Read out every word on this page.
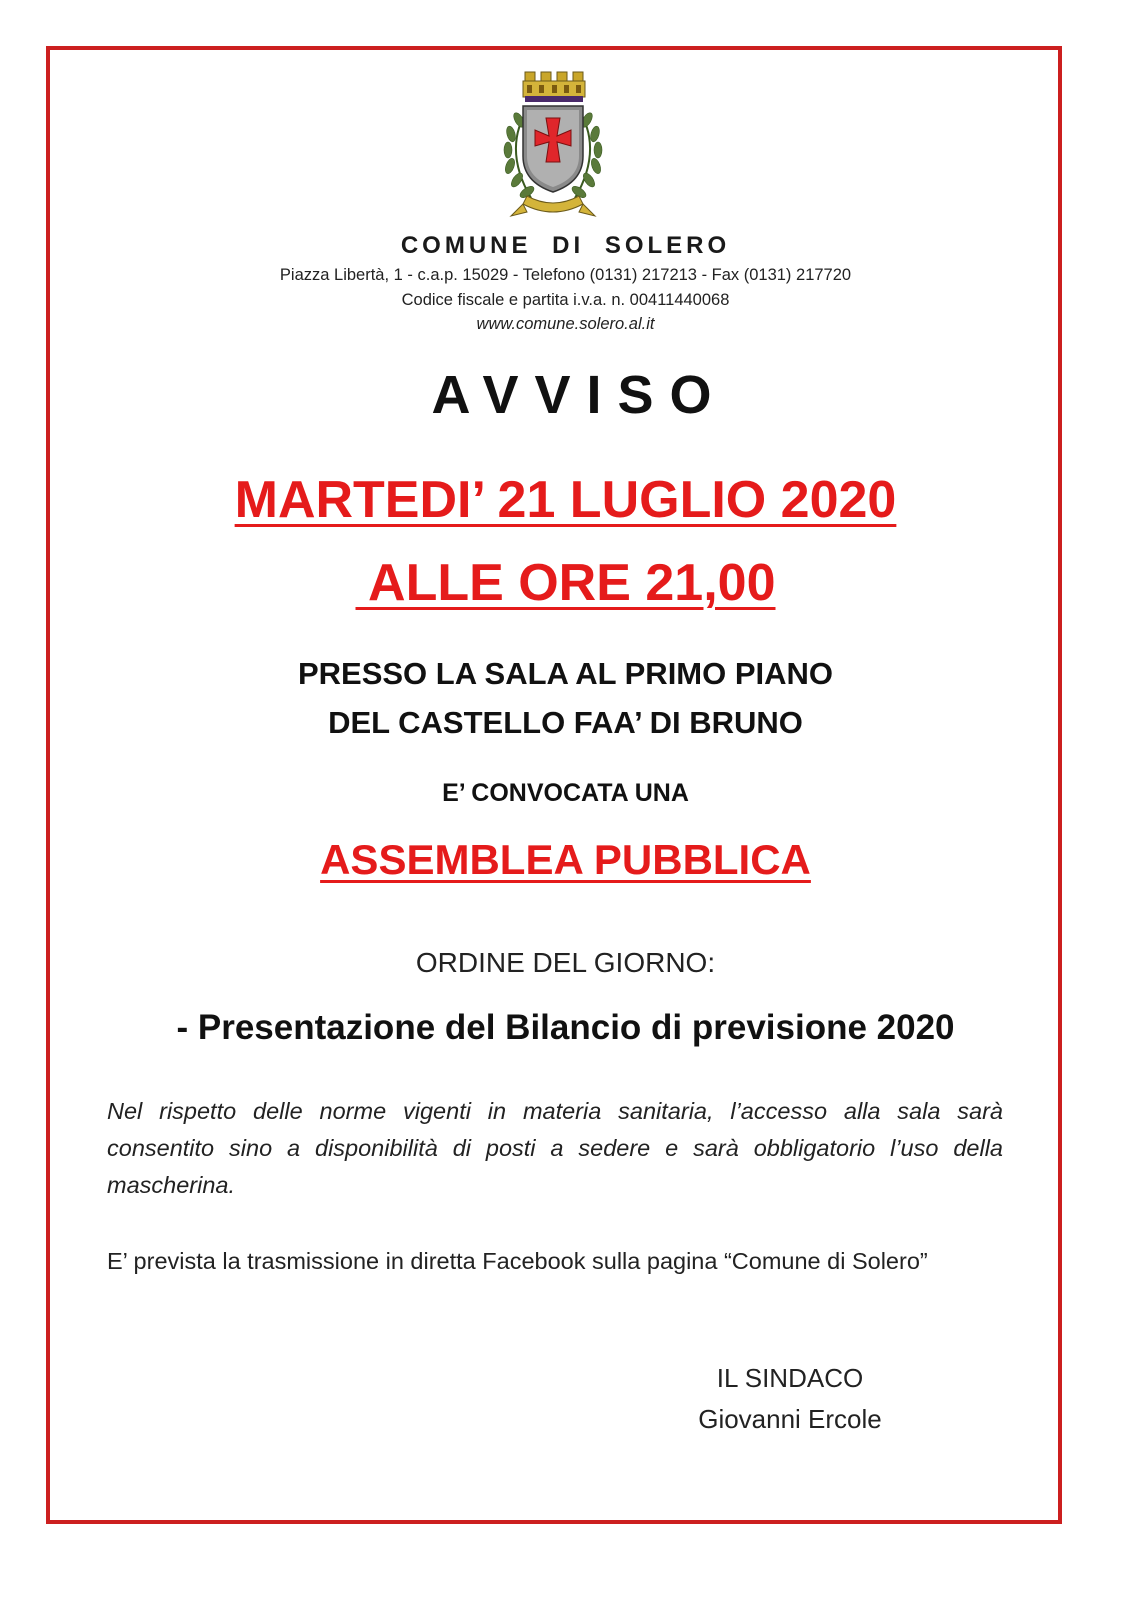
COMUNE DI SOLERO
Piazza Libertà, 1 - c.a.p. 15029 - Telefono (0131) 217213 - Fax (0131) 217720
Codice fiscale e partita i.v.a. n. 00411440068
www.comune.solero.al.it
AVVISO
MARTEDI’ 21 LUGLIO 2020
ALLE ORE 21,00
PRESSO LA SALA AL PRIMO PIANO
DEL CASTELLO FAA’ DI BRUNO
E’ CONVOCATA UNA
ASSEMBLEA PUBBLICA
ORDINE DEL GIORNO:
- Presentazione del Bilancio di previsione 2020
Nel rispetto delle norme vigenti in materia sanitaria, l’accesso alla sala sarà consentito sino a disponibilità di posti a sedere e sarà obbligatorio l’uso della mascherina.
E’ prevista la trasmissione in diretta Facebook sulla pagina “Comune di Solero”
IL SINDACO
Giovanni Ercole
